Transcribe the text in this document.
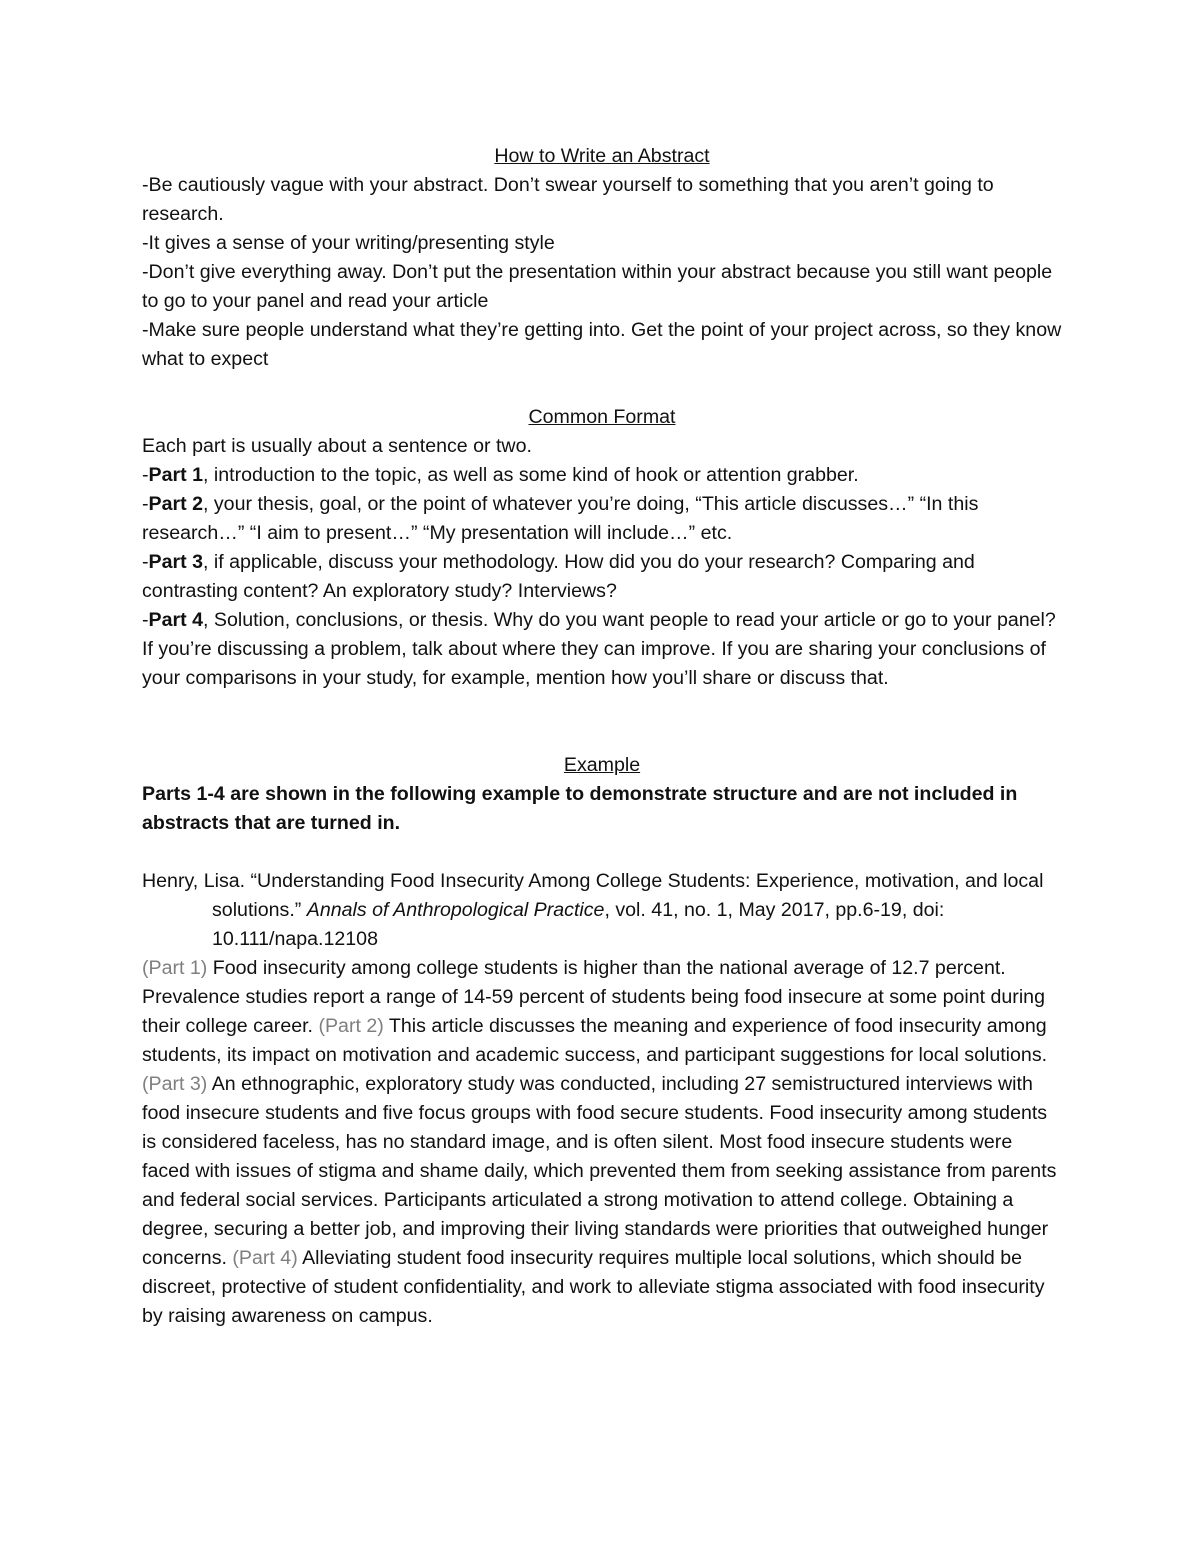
How to Write an Abstract

-Be cautiously vague with your abstract. Don’t swear yourself to something that you aren’t going to research.

-It gives a sense of your writing/presenting style

-Don’t give everything away. Don’t put the presentation within your abstract because you still want people to go to your panel and read your article

-Make sure people understand what they’re getting into. Get the point of your project across, so they know what to expect

Common Format

Each part is usually about a sentence or two.

-Part 1, introduction to the topic, as well as some kind of hook or attention grabber.

-Part 2, your thesis, goal, or the point of whatever you’re doing, “This article discusses…” “In this research…” “I aim to present…” “My presentation will include…” etc.

-Part 3, if applicable, discuss your methodology. How did you do your research? Comparing and contrasting content? An exploratory study? Interviews?

-Part 4, Solution, conclusions, or thesis. Why do you want people to read your article or go to your panel? If you’re discussing a problem, talk about where they can improve. If you are sharing your conclusions of your comparisons in your study, for example, mention how you’ll share or discuss that.

Example

Parts 1-4 are shown in the following example to demonstrate structure and are not included in abstracts that are turned in.

Henry, Lisa. “Understanding Food Insecurity Among College Students: Experience, motivation, and local solutions.” Annals of Anthropological Practice, vol. 41, no. 1, May 2017, pp.6-19, doi: 10.111/napa.12108

(Part 1) Food insecurity among college students is higher than the national average of 12.7 percent. Prevalence studies report a range of 14-59 percent of students being food insecure at some point during their college career. (Part 2) This article discusses the meaning and experience of food insecurity among students, its impact on motivation and academic success, and participant suggestions for local solutions. (Part 3) An ethnographic, exploratory study was conducted, including 27 semistructured interviews with food insecure students and five focus groups with food secure students. Food insecurity among students is considered faceless, has no standard image, and is often silent. Most food insecure students were faced with issues of stigma and shame daily, which prevented them from seeking assistance from parents and federal social services. Participants articulated a strong motivation to attend college. Obtaining a degree, securing a better job, and improving their living standards were priorities that outweighed hunger concerns. (Part 4) Alleviating student food insecurity requires multiple local solutions, which should be discreet, protective of student confidentiality, and work to alleviate stigma associated with food insecurity by raising awareness on campus.
